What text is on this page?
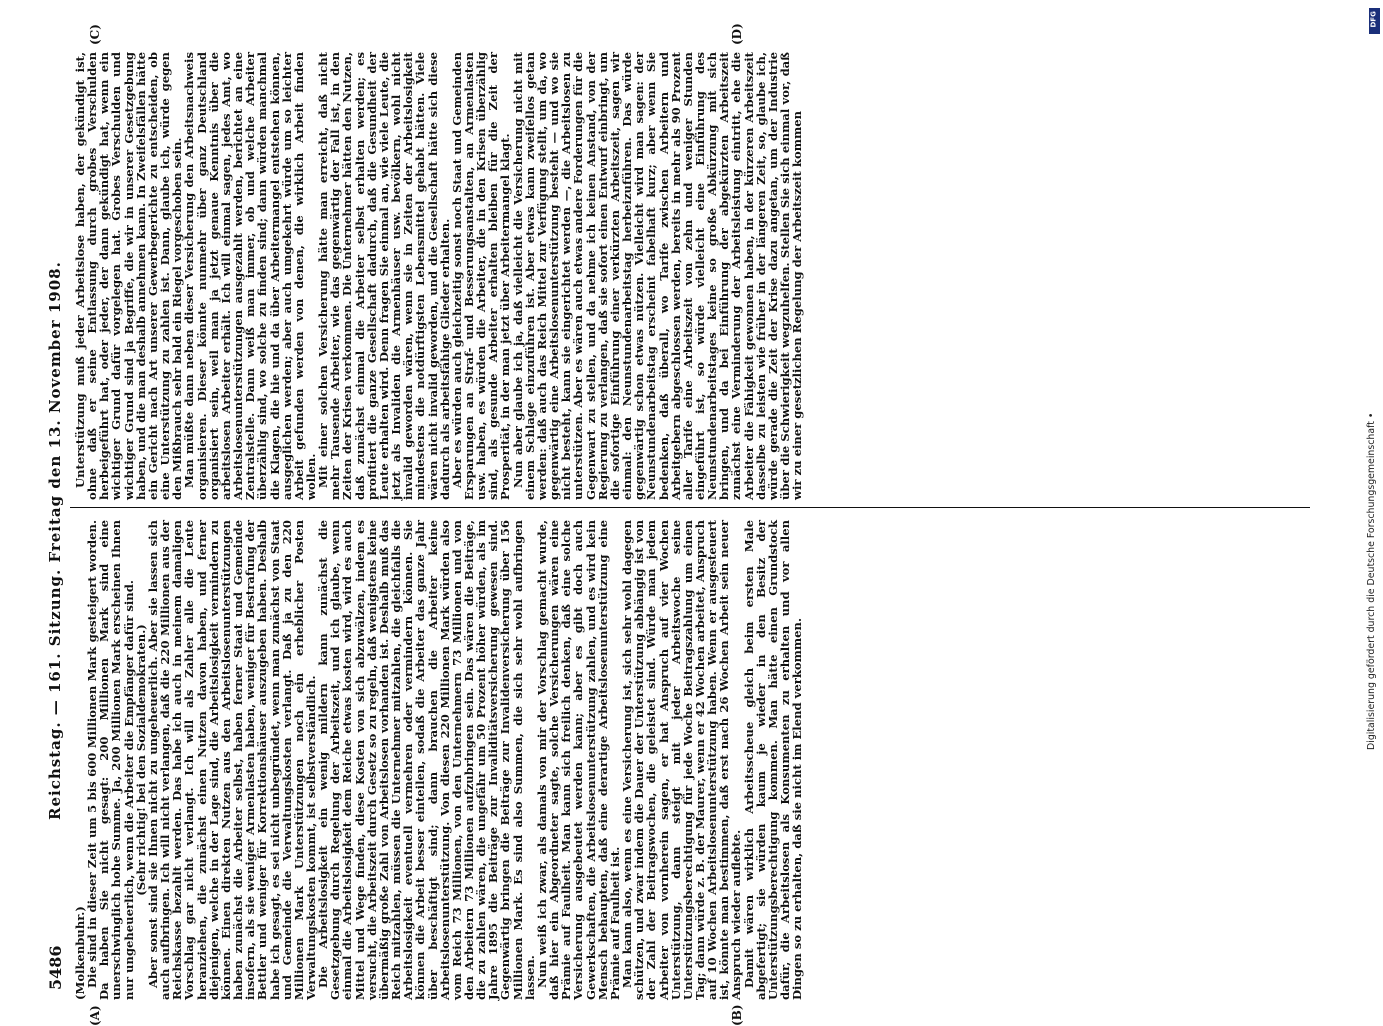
5486
Reichstag. — 161. Sitzung. Freitag den 13. November 1908.
(A)	(B)
(C)	(D)

(Molkenbuhr.)

Die sind in dieser Zeit um 5 bis 600 Millionen Mark gesteigert worden. Da haben Sie nicht gesagt: 200 Millionen Mark sind eine unerschwinglich hohe Summe. Ja, 200 Millionen Mark erscheinen Ihnen nur ungeheuerlich, wenn die Arbeiter die Empfänger dafür sind.

(Sehr richtig! bei den Sozialdemokraten.)

Aber sonst sind sie Ihnen nicht zu ungeheuerlich. Aber sie lassen sich auch aufbringen. Ich will nicht verlangen, daß die 220 Millionen aus der Reichskasse bezahlt werden. Das habe ich auch in meinem damaligen Vorschlag gar nicht verlangt. Ich will als Zahler alle die Leute heranziehen, die zunächst einen Nutzen davon haben, und ferner diejenigen, welche in der Lage sind, die Arbeitslosigkeit vermindern zu können. Einen direkten Nutzen aus den Arbeitslosenunterstützungen haben zunächst die Arbeiter selbst, haben ferner Staat und Gemeinde insofern, als sie weniger Armenlasten haben, weniger für Bestrafung der Bettler und weniger für Korrektionshäuser auszugeben haben. Deshalb habe ich gesagt, es sei nicht unbegründet, wenn man zunächst von Staat und Gemeinde die Verwaltungskosten verlangt. Daß ja zu den 220 Millionen Mark Unterstützungen noch ein erheblicher Posten Verwaltungskosten kommt, ist selbstverständlich.

Die Arbeitslosigkeit ein wenig mildern kann zunächst die Gesetzgebung durch Regelung der Arbeitszeit, und ich glaube, wenn einmal die Arbeitslosigkeit dem Reiche etwas kosten wird, wird es auch Mittel und Wege finden, diese Kosten von sich abzuwälzen, indem es versucht, die Arbeitszeit durch Gesetz so zu regeln, daß wenigstens keine übermäßig große Zahl von Arbeitslosen vorhanden ist. Deshalb muß das Reich mitzahlen, müssen die Unternehmer mitzahlen, die gleichfalls die Arbeitslosigkeit eventuell vermehren oder vermindern können. Sie können die Arbeit besser einteilen, sodaß die Arbeiter das ganze Jahr über beschäftigt sind; dann brauchen die Arbeiter keine Arbeitslosenunterstützung. Von diesen 220 Millionen Mark würden also vom Reich 73 Millionen, von den Unternehmern 73 Millionen und von den Arbeitern 73 Millionen aufzubringen sein. Das wären die Beiträge, die zu zahlen wären, die ungefähr um 50 Prozent höher würden, als im Jahre 1895 die Beiträge zur Invaliditätsversicherung gewesen sind. Gegenwärtig bringen die Beiträge zur Invalidenversicherung über 156 Millionen Mark. Es sind also Summen, die sich sehr wohl aufbringen lassen.

Nun weiß ich zwar, als damals von mir der Vorschlag gemacht wurde, daß hier ein Abgeordneter sagte, solche Versicherungen wären eine Prämie auf Faulheit. Man kann sich freilich denken, daß eine solche Versicherung ausgebeutet werden kann; aber es gibt doch auch Gewerkschaften, die Arbeitslosenunterstützung zahlen, und es wird kein Mensch behaupten, daß eine derartige Arbeitslosenunterstützung eine Prämie auf Faulheit ist.

Man kann also, wenn es eine Versicherung ist, sich sehr wohl dagegen schützen, und zwar indem die Dauer der Unterstützung abhängig ist von der Zahl der Beitragswochen, die geleistet sind. Würde man jedem Arbeiter von vornherein sagen, er hat Anspruch auf vier Wochen Unterstützung, dann steigt mit jeder Arbeitswoche seine Unterstützungsberechtigung für jede Woche Beitragszahlung um einen Tag; dann würde z. B. der Maurer, wenn er 42 Wochen arbeitet, Anspruch auf 10 Wochen Arbeitslosenunterstützung haben. Wenn er ausgesteuert ist, könnte man bestimmen, daß erst nach 26 Wochen Arbeit sein neuer Anspruch wieder auflebte.

Damit wären wirklich Arbeitsscheue gleich beim ersten Male abgefertigt; sie würden kaum je wieder in den Besitz der Unterstützungsberechtigung kommen. Man hätte einen Grundstock dafür, die Arbeitslosen als Konsumenten zu erhalten und vor allen Dingen so zu erhalten, daß sie nicht im Elend verkommen.

Unterstützung muß jeder Arbeitslose haben, der gekündigt ist, ohne daß er seine Entlassung durch grobes Verschulden herbeigeführt hat, oder jeder, der dann gekündigt hat, wenn ein wichtiger Grund dafür vorgelegen hat. Grobes Verschulden und wichtiger Grund sind ja Begriffe, die wir in unserer Gesetzgebung haben, und die man deshalb annehmen kann. In Zweifelsfällen hätte ein Gericht nach Art unserer Gewerbegerichte zu entscheiden, ob eine Unterstützung zu zahlen ist. Dann, glaube ich, würde gegen den Mißbrauch sehr bald ein Riegel vorgeschoben sein.

Man müßte dann neben dieser Versicherung den Arbeitsnachweis organisieren. Dieser könnte nunmehr über ganz Deutschland organisiert sein, weil man ja jetzt genaue Kenntnis über die arbeitslosen Arbeiter erhält. Ich will einmal sagen, jedes Amt, wo Arbeitslosenunterstützungen ausgezahlt werden, berichtet an eine Zentralstelle. Dann weiß man immer, ob und welche Arbeiter überzählig sind, wo solche zu finden sind; dann würden manchmal die Klagen, die hie und da über Arbeitermangel entstehen können, ausgeglichen werden; aber auch umgekehrt würde um so leichter Arbeit gefunden werden von denen, die wirklich Arbeit finden wollen.

Mit einer solchen Versicherung hätte man erreicht, daß nicht mehr Tausende Arbeiter, wie das gegenwärtig der Fall ist, in den Zeiten der Krisen verkommen. Die Unternehmer hätten den Nutzen, daß zunächst einmal die Arbeiter selbst erhalten werden; es profitiert die ganze Gesellschaft dadurch, daß die Gesundheit der Leute erhalten wird. Denn fragen Sie einmal an, wie viele Leute, die jetzt als Invaliden die Armenhäuser usw. bevölkern, wohl nicht invalid geworden wären, wenn sie in Zeiten der Arbeitslosigkeit mindestens die notdürftigsten Lebensmittel gehabt hätten. Viele wären nicht invalid geworden, und die Gesellschaft hätte sich diese dadurch als arbeitsfähige Glieder erhalten.

Aber es würden auch gleichzeitig sonst noch Staat und Gemeinden Ersparungen an Straf- und Besserungsanstalten, an Armenlasten usw. haben, es würden die Arbeiter, die in den Krisen überzählig sind, als gesunde Arbeiter erhalten bleiben für die Zeit der Prosperität, in der man jetzt über Arbeitermangel klagt.

Nun aber glaube ich ja, daß vielleicht die Versicherung nicht mit einem Schlage einzuführen ist. Aber etwas kann zweifellos getan werden: daß auch das Reich Mittel zur Verfügung stellt, um da, wo gegenwärtig eine Arbeitslosenunterstützung besteht — und wo sie nicht besteht, kann sie eingerichtet werden —, die Arbeitslosen zu unterstützen. Aber es wären auch etwas andere Forderungen für die Gegenwart zu stellen, und da nehme ich keinen Anstand, von der Regierung zu verlangen, daß sie sofort einen Entwurf einbringt, um die sofortige Einführung einer verkürzten Arbeitszeit, sagen wir einmal: den Neunstundenarbeitstag herbeizuführen. Das würde gegenwärtig schon etwas nützen. Vielleicht wird man sagen: der Neunstundenarbeitstag erscheint fabelhaft kurz; aber wenn Sie bedenken, daß überall, wo Tarife zwischen Arbeitern und Arbeitgebern abgeschlossen werden, bereits in mehr als 90 Prozent aller Tarife eine Arbeitszeit von zehn und weniger Stunden eingeführt ist, so würde vielleicht eine Einführung des Neunstundenarbeitstages keine so große Abkürzung mit sich bringen, und da bei Einführung der abgekürzten Arbeitszeit zunächst eine Verminderung der Arbeitsleistung eintritt, ehe die Arbeiter die Fähigkeit gewonnen haben, in der kürzeren Arbeitszeit dasselbe zu leisten wie früher in der längeren Zeit, so, glaube ich, würde gerade die Zeit der Krise dazu angetan, um der Industrie über die Schwierigkeit wegzuhelfen. Stellen Sie sich einmal vor, daß wir zu einer gesetzlichen Regelung der Arbeitszeit kommen

Digitalisierung gefördert durch die Deutsche Forschungsgemeinschaft •
DFG
